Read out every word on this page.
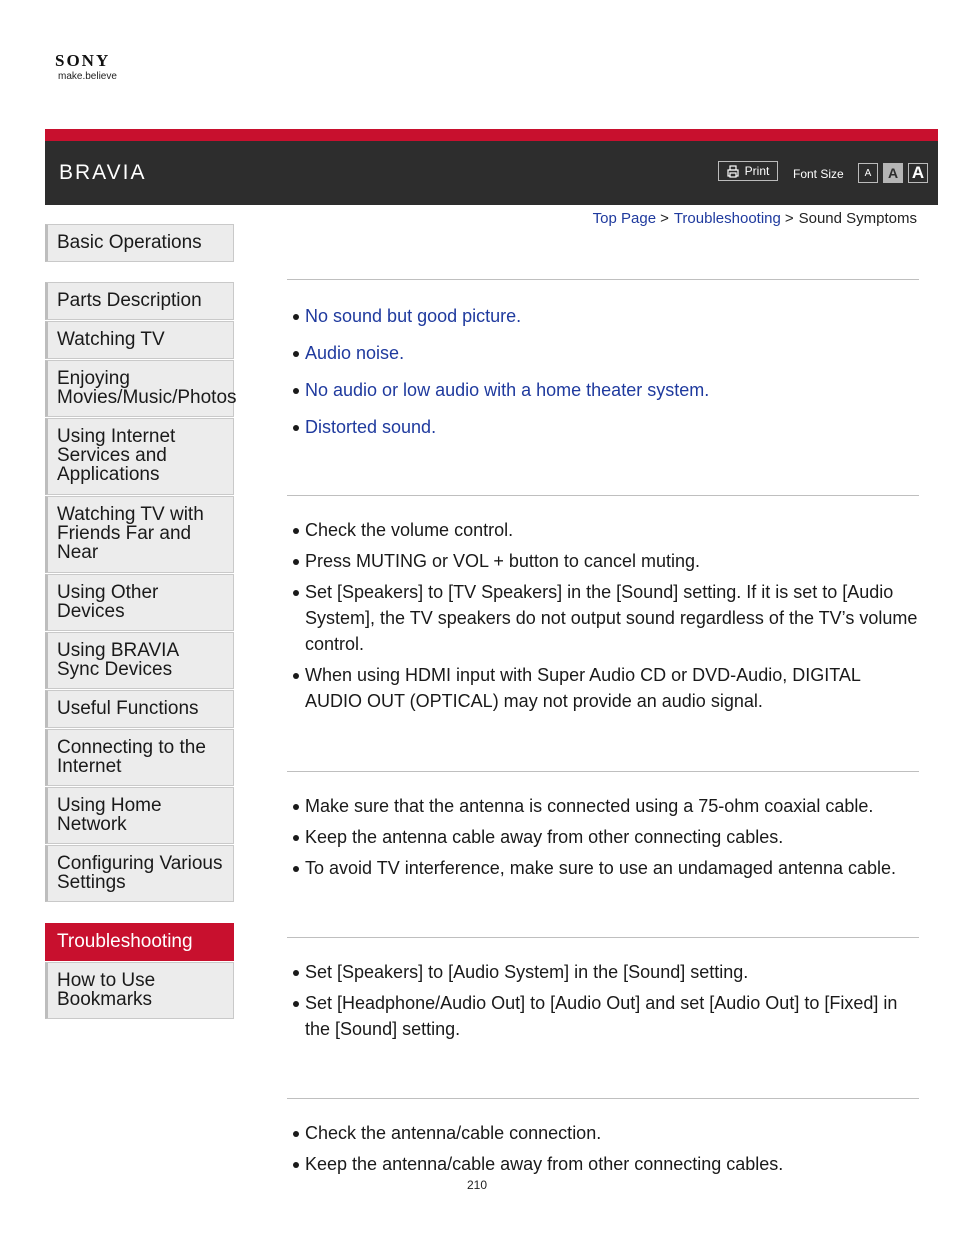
SONY
make.believe
BRAVIA	Print Font Size	A	A A
Top Page > Troubleshooting > Sound Symptoms
Basic Operations
Parts Description
Watching TV
Enjoying Movies/Music/Photos
Using Internet Services and Applications
Watching TV with Friends Far and Near
Using Other Devices
Using BRAVIA Sync Devices
Useful Functions
Connecting to the Internet
Using Home Network
Configuring Various Settings
Troubleshooting
How to Use Bookmarks
No sound but good picture.
Audio noise.
No audio or low audio with a home theater system.
Distorted sound.
Check the volume control.
Press MUTING or VOL + button to cancel muting.
Set [Speakers] to [TV Speakers] in the [Sound] setting. If it is set to [Audio System], the TV speakers do not output sound regardless of the TV’s volume control.
When using HDMI input with Super Audio CD or DVD-Audio, DIGITAL AUDIO OUT (OPTICAL) may not provide an audio signal.
Make sure that the antenna is connected using a 75-ohm coaxial cable.
Keep the antenna cable away from other connecting cables.
To avoid TV interference, make sure to use an undamaged antenna cable.
Set [Speakers] to [Audio System] in the [Sound] setting.
Set [Headphone/Audio Out] to [Audio Out] and set [Audio Out] to [Fixed] in the [Sound] setting.
Check the antenna/cable connection.
Keep the antenna/cable away from other connecting cables.
210
